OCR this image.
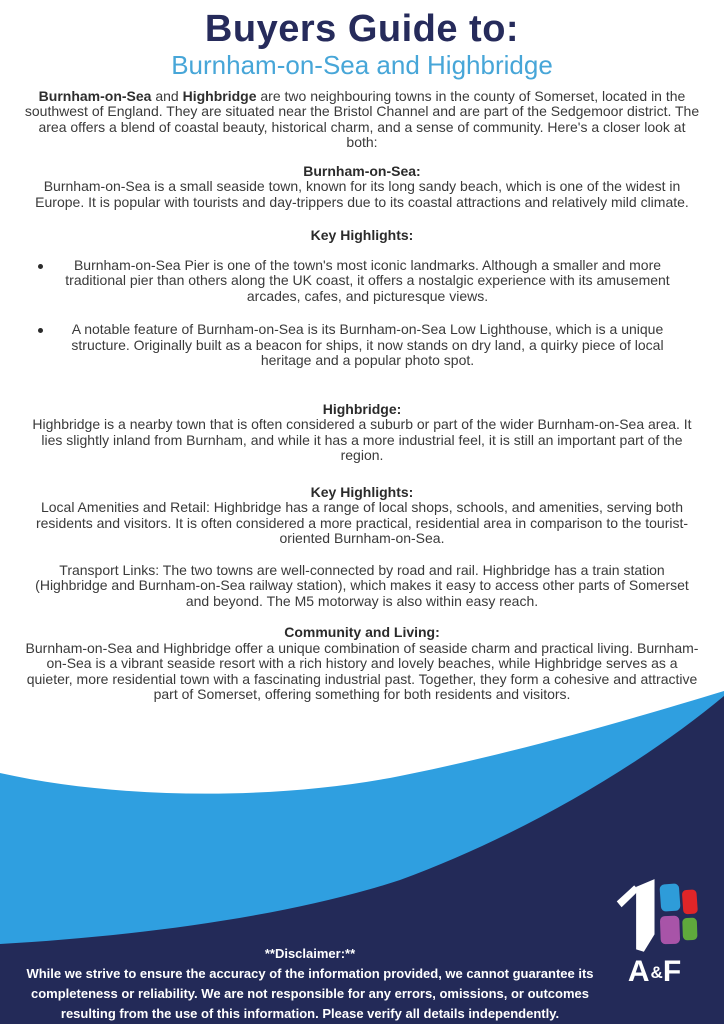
Buyers Guide to:
Burnham-on-Sea and Highbridge

Burnham-on-Sea and Highbridge are two neighbouring towns in the county of Somerset, located in the southwest of England. They are situated near the Bristol Channel and are part of the Sedgemoor district. The area offers a blend of coastal beauty, historical charm, and a sense of community. Here's a closer look at both:

Burnham-on-Sea:

Burnham-on-Sea is a small seaside town, known for its long sandy beach, which is one of the widest in Europe. It is popular with tourists and day-trippers due to its coastal attractions and relatively mild climate.

Key Highlights:
Burnham-on-Sea Pier is one of the town's most iconic landmarks. Although a smaller and more traditional pier than others along the UK coast, it offers a nostalgic experience with its amusement arcades, cafes, and picturesque views.
A notable feature of Burnham-on-Sea is its Burnham-on-Sea Low Lighthouse, which is a unique structure. Originally built as a beacon for ships, it now stands on dry land, a quirky piece of local heritage and a popular photo spot.
Highbridge:

Highbridge is a nearby town that is often considered a suburb or part of the wider Burnham-on-Sea area. It lies slightly inland from Burnham, and while it has a more industrial feel, it is still an important part of the region.

Key Highlights:

Local Amenities and Retail: Highbridge has a range of local shops, schools, and amenities, serving both residents and visitors. It is often considered a more practical, residential area in comparison to the tourist-oriented Burnham-on-Sea.

Transport Links: The two towns are well-connected by road and rail. Highbridge has a train station (Highbridge and Burnham-on-Sea railway station), which makes it easy to access other parts of Somerset and beyond. The M5 motorway is also within easy reach.

Community and Living:

Burnham-on-Sea and Highbridge offer a unique combination of seaside charm and practical living. Burnham-on-Sea is a vibrant seaside resort with a rich history and lovely beaches, while Highbridge serves as a quieter, more residential town with a fascinating industrial past. Together, they form a cohesive and attractive part of Somerset, offering something for both residents and visitors.

**Disclaimer:**
While we strive to ensure the accuracy of the information provided, we cannot guarantee its completeness or reliability. We are not responsible for any errors, omissions, or outcomes resulting from the use of this information. Please verify all details independently.
A&F
